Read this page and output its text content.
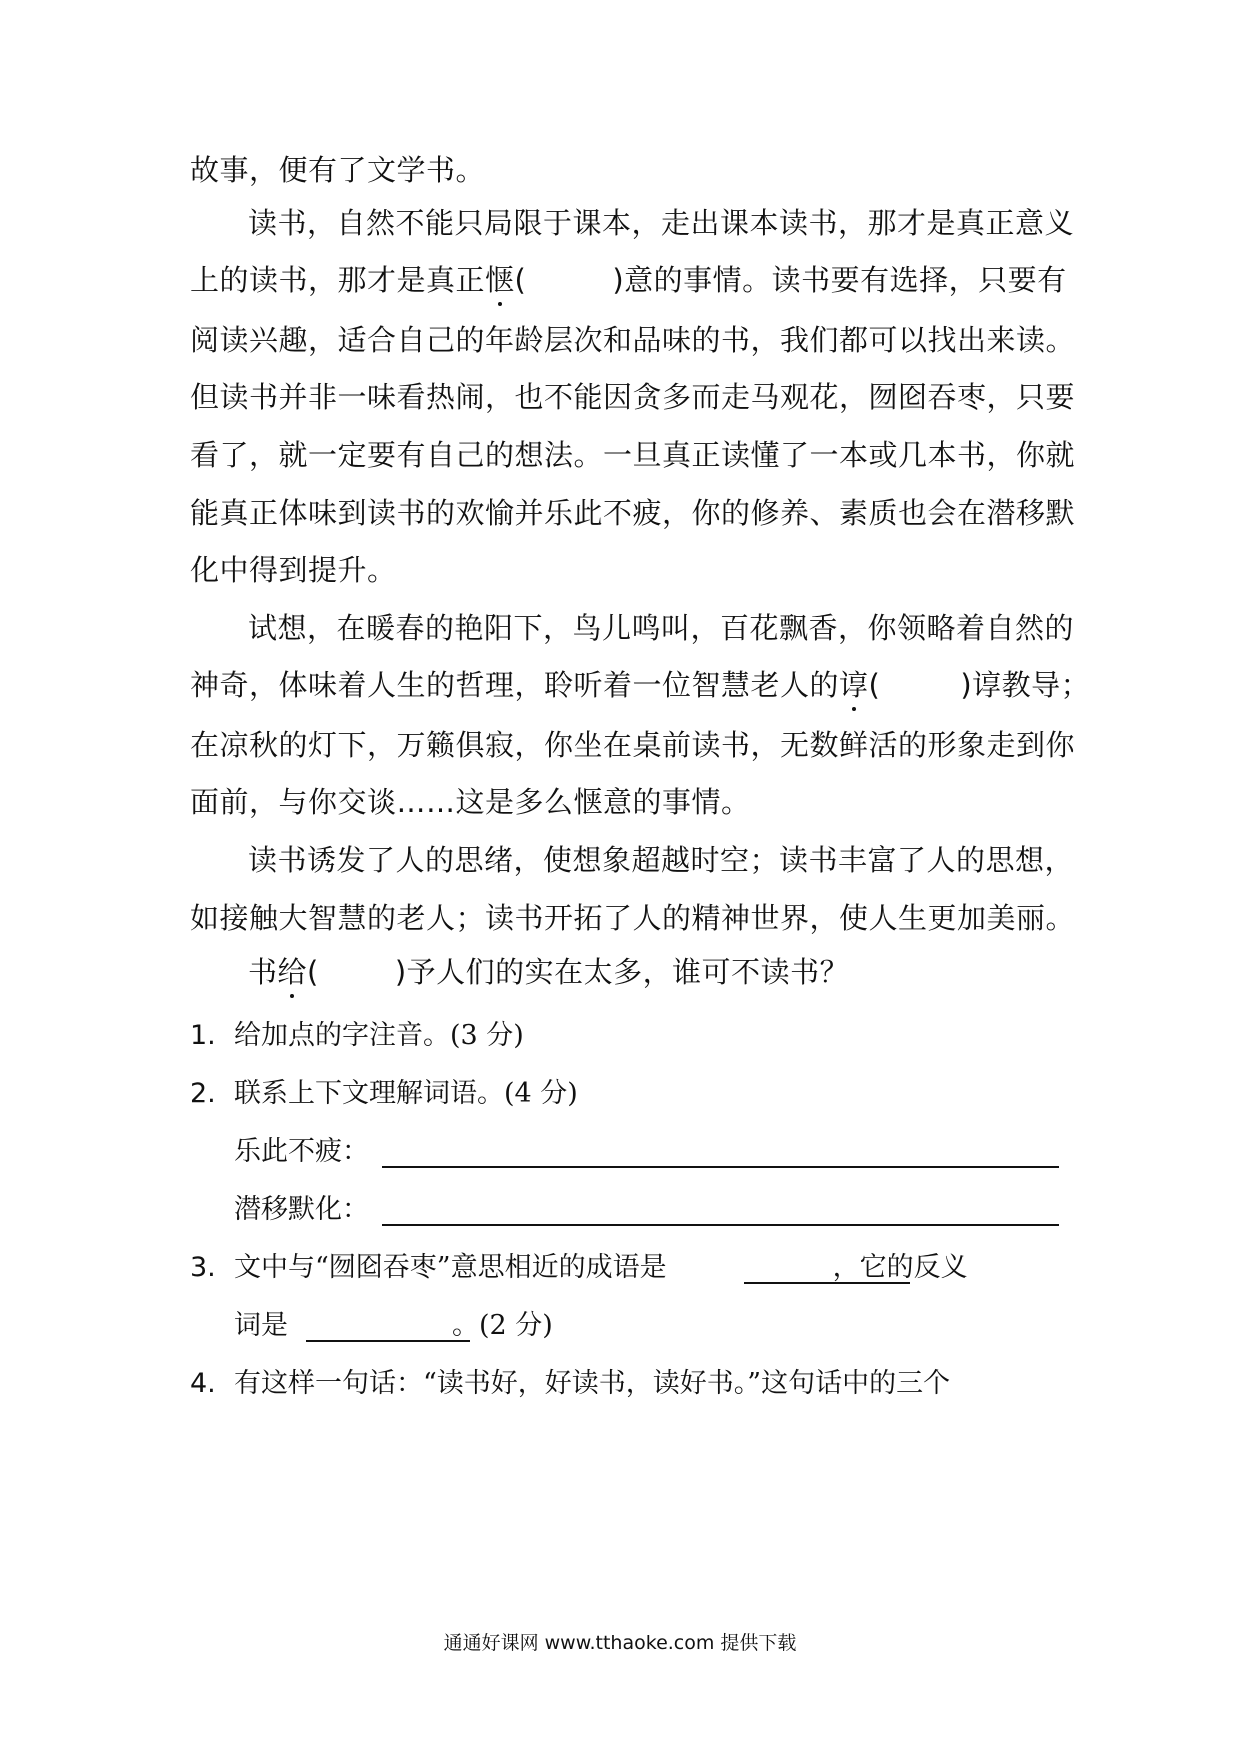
故事，便有了文学书。
读书，自然不能只局限于课本，走出课本读书，那才是真正意义
上的读书，那才是真正惬(	)意的事情。读书要有选择，只要有
阅读兴趣，适合自己的年龄层次和品味的书，我们都可以找出来读。
但读书并非一味看热闹，也不能因贪多而走马观花，囫囵吞枣，只要
看了，就一定要有自己的想法。一旦真正读懂了一本或几本书，你就
能真正体味到读书的欢愉并乐此不疲，你的修养、素质也会在潜移默
化中得到提升。
试想，在暖春的艳阳下，鸟儿鸣叫，百花飘香，你领略着自然的
神奇，体味着人生的哲理，聆听着一位智慧老人的谆(	)谆教导；
在凉秋的灯下，万籁俱寂，你坐在桌前读书，无数鲜活的形象走到你
面前，与你交谈……这是多么惬意的事情。
读书诱发了人的思绪，使想象超越时空；读书丰富了人的思想，
如接触大智慧的老人；读书开拓了人的精神世界，使人生更加美丽。
书给(	)予人们的实在太多，谁可不读书？
1. 给加点的字注音。(3 分)
2. 联系上下文理解词语。(4 分)
乐此不疲：
潜移默化：
3. 文中与“囫囵吞枣”意思相近的成语是	，它的反义
词是	。(2 分)
4. 有这样一句话：“读书好，好读书，读好书。”这句话中的三个
通通好课网 www.tthaoke.com 提供下载
